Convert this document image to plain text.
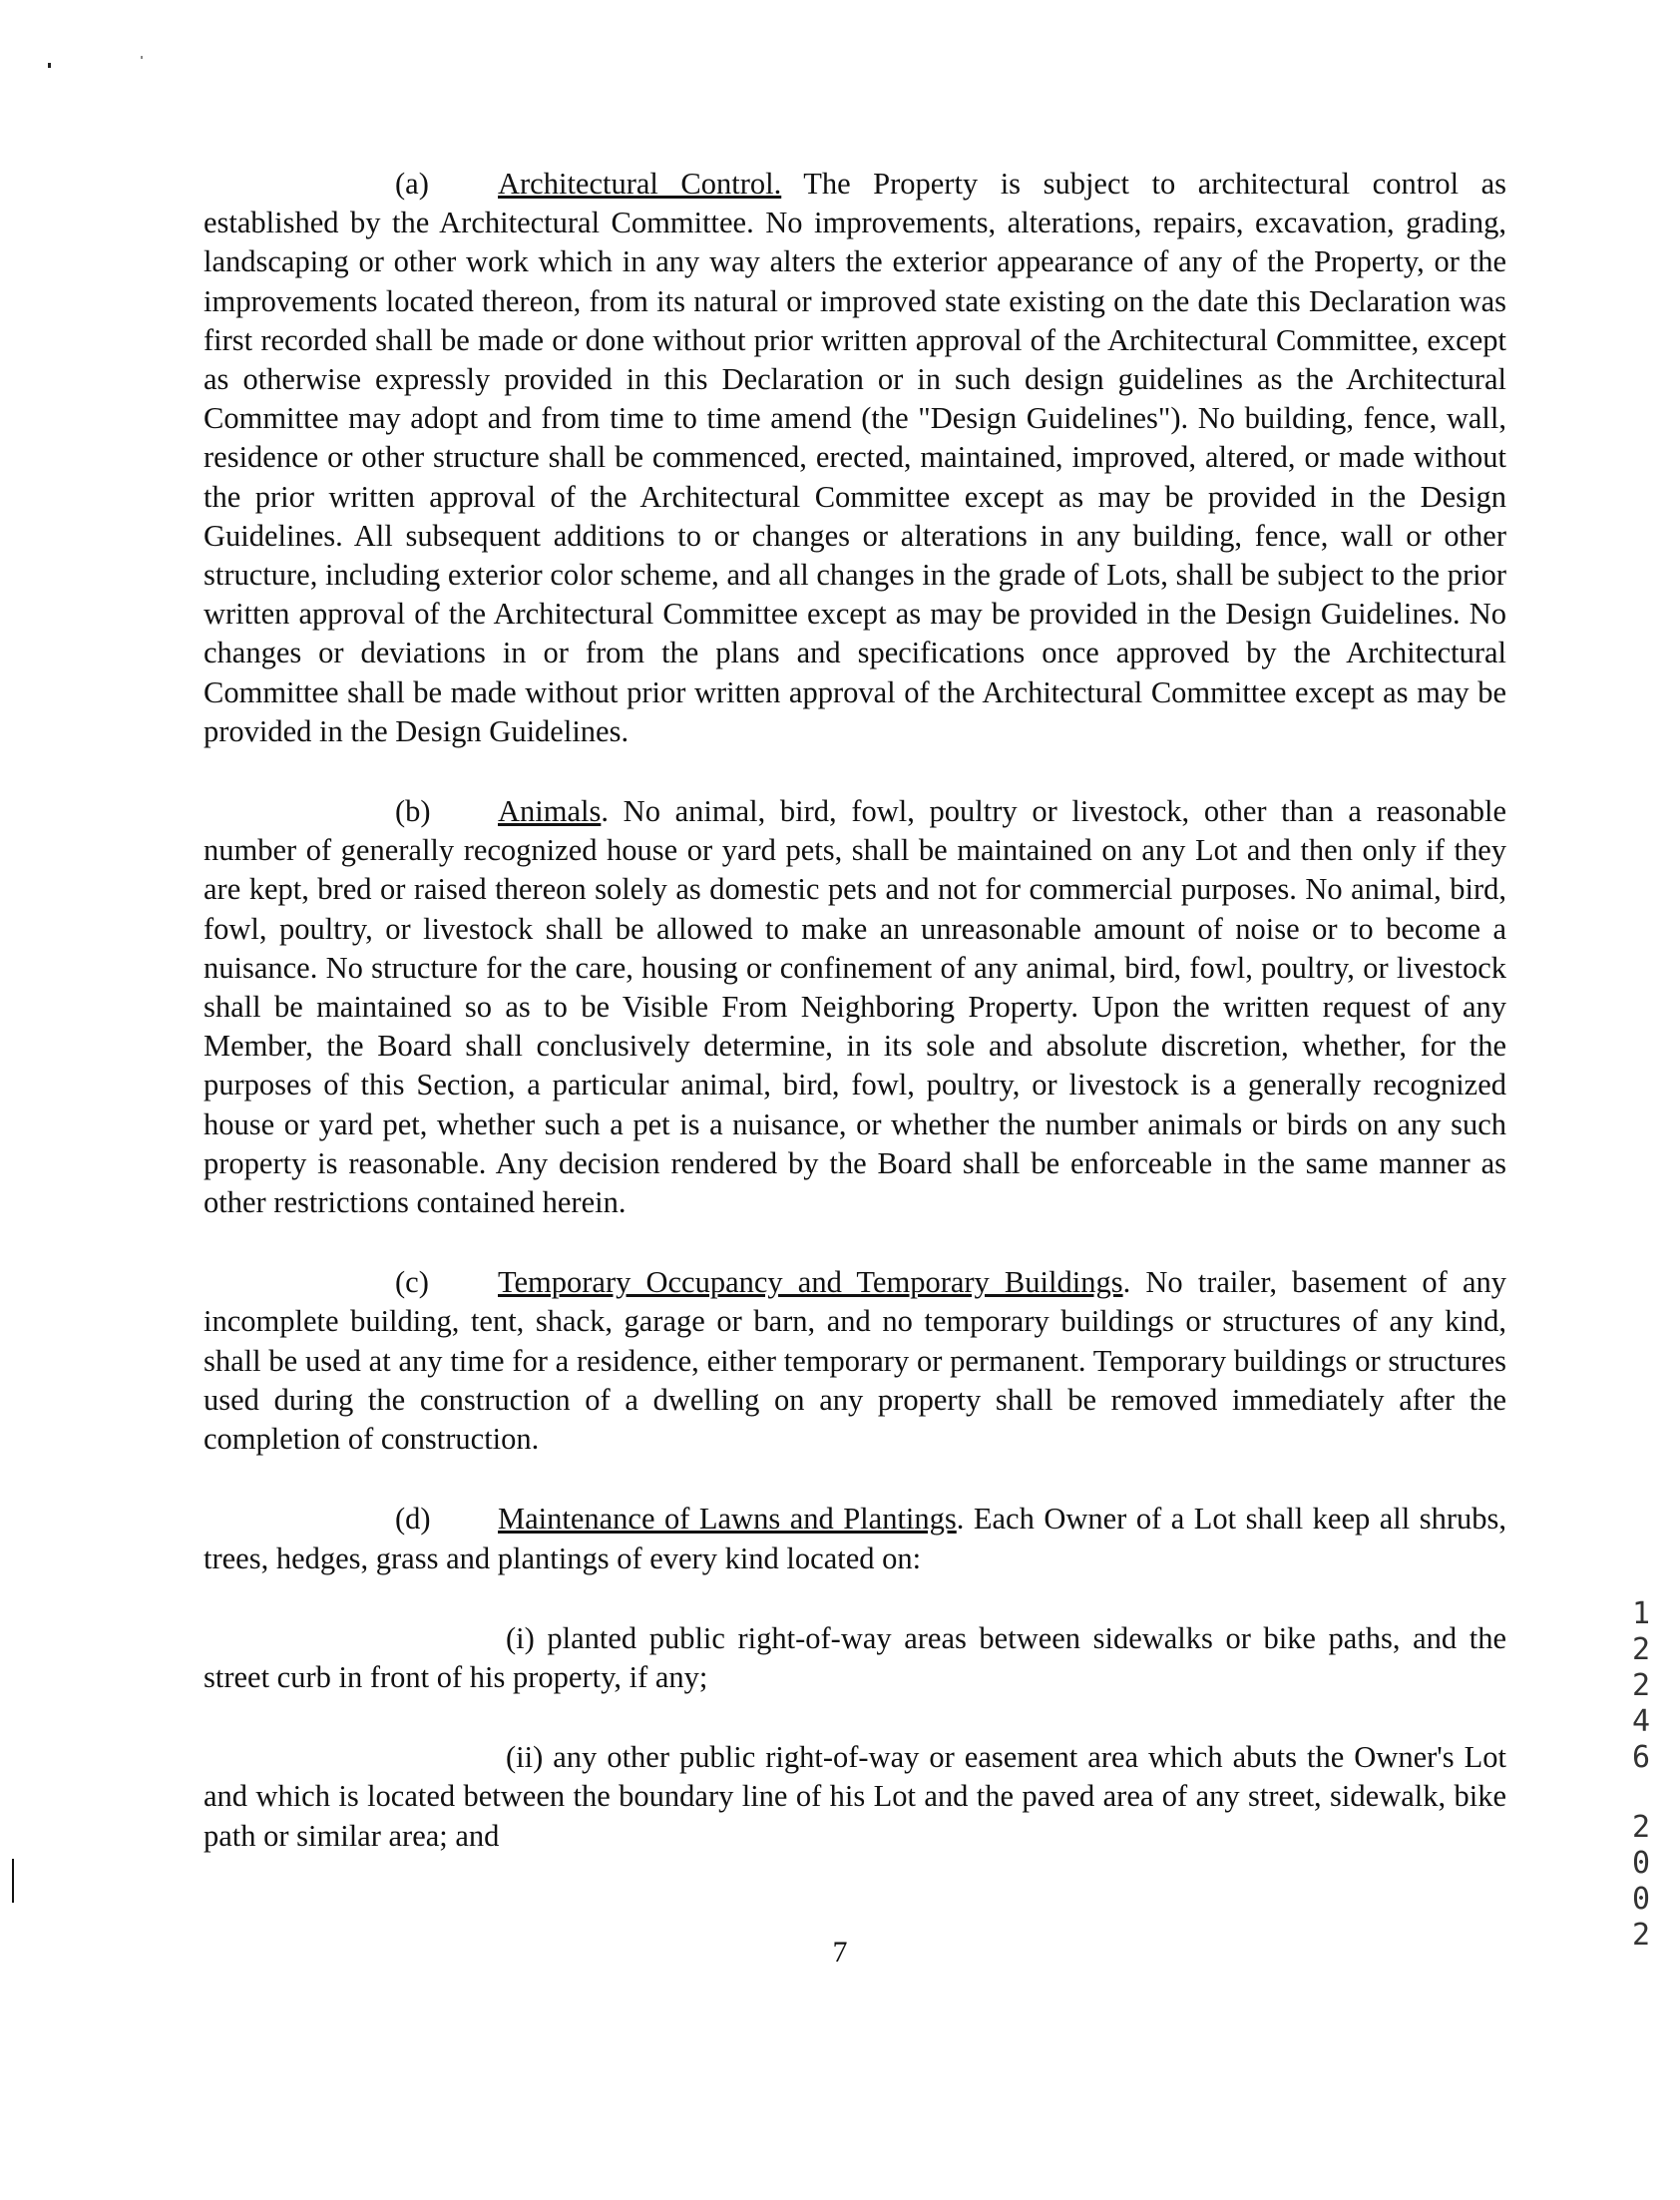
(a) Architectural Control. The Property is subject to architectural control as established by the Architectural Committee. No improvements, alterations, repairs, excavation, grading, landscaping or other work which in any way alters the exterior appearance of any of the Property, or the improvements located thereon, from its natural or improved state existing on the date this Declaration was first recorded shall be made or done without prior written approval of the Architectural Committee, except as otherwise expressly provided in this Declaration or in such design guidelines as the Architectural Committee may adopt and from time to time amend (the "Design Guidelines"). No building, fence, wall, residence or other structure shall be commenced, erected, maintained, improved, altered, or made without the prior written approval of the Architectural Committee except as may be provided in the Design Guidelines. All subsequent additions to or changes or alterations in any building, fence, wall or other structure, including exterior color scheme, and all changes in the grade of Lots, shall be subject to the prior written approval of the Architectural Committee except as may be provided in the Design Guidelines. No changes or deviations in or from the plans and specifications once approved by the Architectural Committee shall be made without prior written approval of the Architectural Committee except as may be provided in the Design Guidelines.

(b) Animals. No animal, bird, fowl, poultry or livestock, other than a reasonable number of generally recognized house or yard pets, shall be maintained on any Lot and then only if they are kept, bred or raised thereon solely as domestic pets and not for commercial purposes. No animal, bird, fowl, poultry, or livestock shall be allowed to make an unreasonable amount of noise or to become a nuisance. No structure for the care, housing or confinement of any animal, bird, fowl, poultry, or livestock shall be maintained so as to be Visible From Neighboring Property. Upon the written request of any Member, the Board shall conclusively determine, in its sole and absolute discretion, whether, for the purposes of this Section, a particular animal, bird, fowl, poultry, or livestock is a generally recognized house or yard pet, whether such a pet is a nuisance, or whether the number animals or birds on any such property is reasonable. Any decision rendered by the Board shall be enforceable in the same manner as other restrictions contained herein.

(c) Temporary Occupancy and Temporary Buildings. No trailer, basement of any incomplete building, tent, shack, garage or barn, and no temporary buildings or structures of any kind, shall be used at any time for a residence, either temporary or permanent. Temporary buildings or structures used during the construction of a dwelling on any property shall be removed immediately after the completion of construction.

(d) Maintenance of Lawns and Plantings. Each Owner of a Lot shall keep all shrubs, trees, hedges, grass and plantings of every kind located on:

(i) planted public right-of-way areas between sidewalks or bike paths, and the street curb in front of his property, if any;

(ii) any other public right-of-way or easement area which abuts the Owner's Lot and which is located between the boundary line of his Lot and the paved area of any street, sidewalk, bike path or similar area; and

1
2
2
4
6
2
0
0
2
7
